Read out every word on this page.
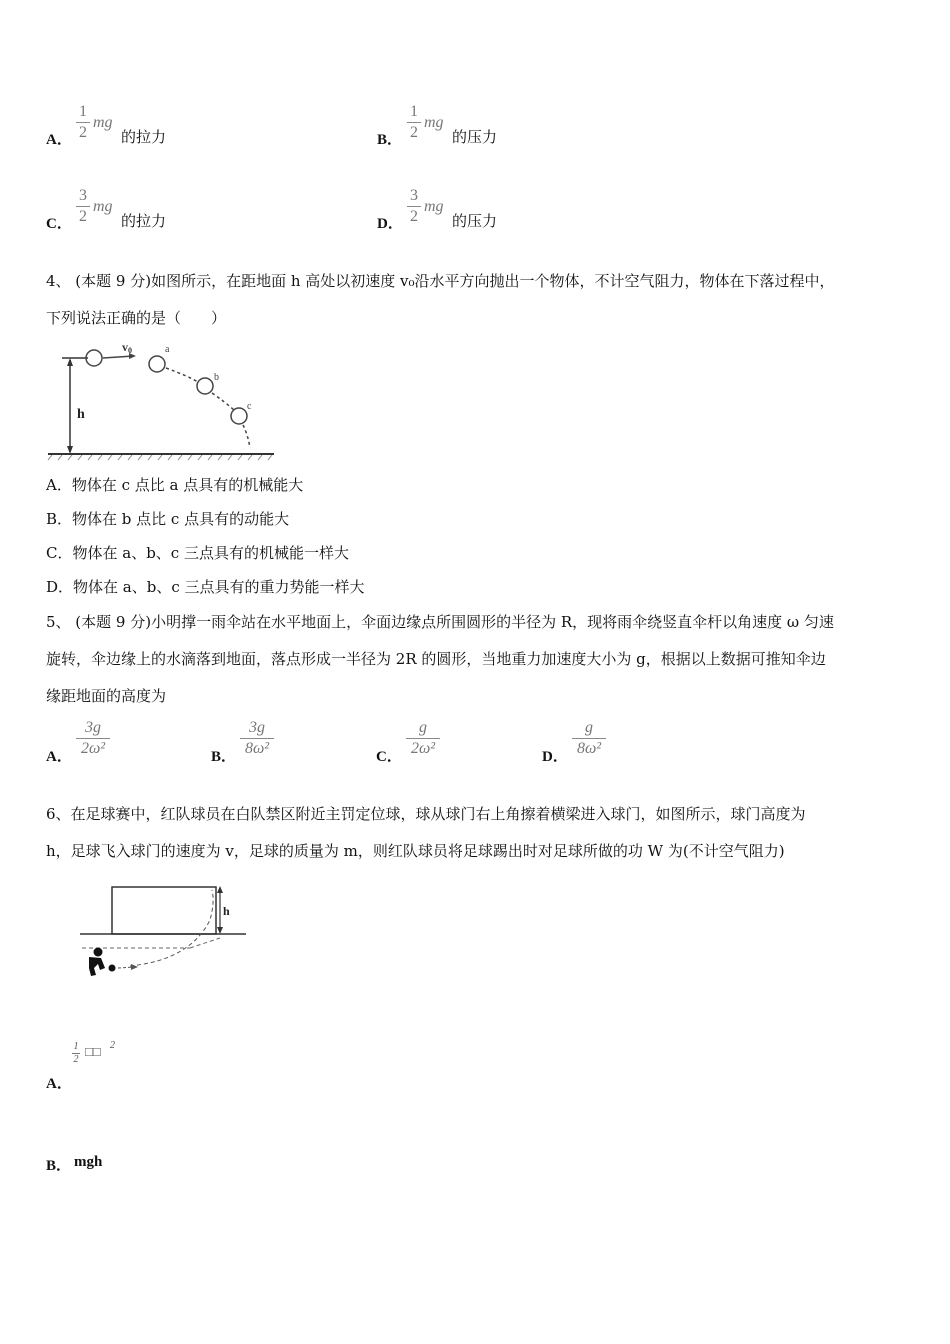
A．
1
2
mg
的拉力	B．
1
2
mg
的压力
C．
3
2
mg
的拉力	D．
3
2
mg
的压力
4、 (本题 9 分)如图所示，在距地面 h 高处以初速度 v₀沿水平方向抛出一个物体，不计空气阻力，物体在下落过程中，
下列说法正确的是（　　）
h
v0	a
b
c
A．物体在 c 点比 a 点具有的机械能大
B．物体在 b 点比 c 点具有的动能大
C．物体在 a、b、c 三点具有的机械能一样大
D．物体在 a、b、c 三点具有的重力势能一样大
5、 (本题 9 分)小明撑一雨伞站在水平地面上，伞面边缘点所围圆形的半径为 R，现将雨伞绕竖直伞杆以角速度 ω 匀速
旋转，伞边缘上的水滴落到地面，落点形成一半径为 2R 的圆形，当地重力加速度大小为 g，根据以上数据可推知伞边
缘距地面的高度为
A．
3g
2ω²	B．
3g
8ω²	C．
g
2ω²	D．
g
8ω²
6、在足球赛中，红队球员在白队禁区附近主罚定位球，球从球门右上角擦着横梁进入球门，如图所示，球门高度为
h，足球飞入球门的速度为 v，足球的质量为 m，则红队球员将足球踢出时对足球所做的功 W 为(不计空气阻力)
h
1
2
□□ 2
A．
B． mgh
